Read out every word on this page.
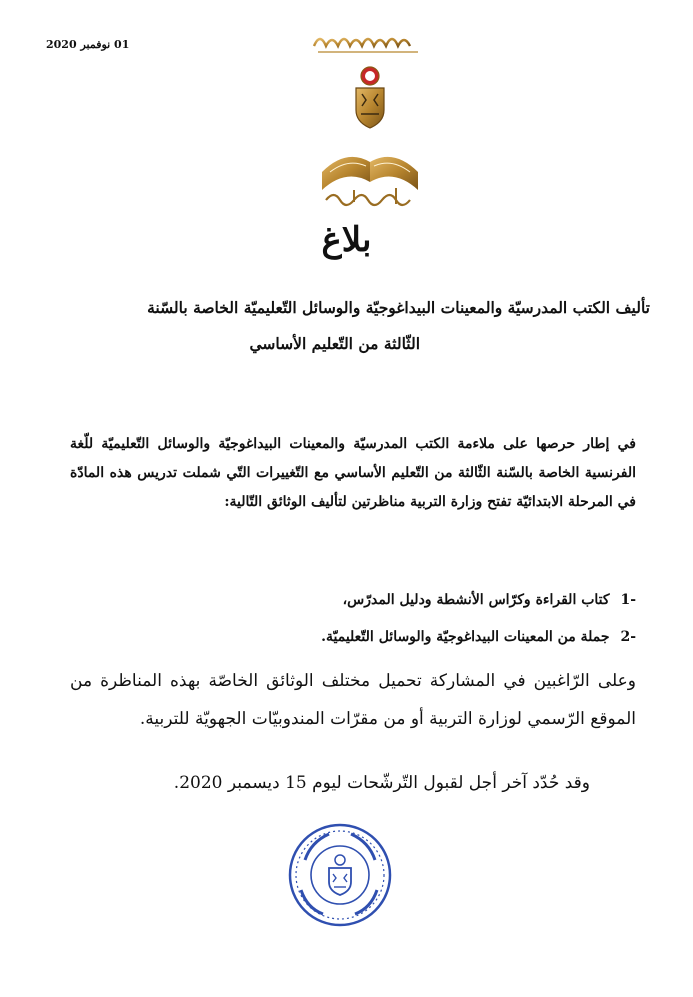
01 نوفمبر 2020
بلاغ
تأليف الكتب المدرسيّة والمعينات البيداغوجيّة والوسائل التّعليميّة الخاصة بالسّنة
الثّالثة من التّعليم الأساسي
في إطار حرصها على ملاءمة الكتب المدرسيّة والمعينات البيداغوجيّة والوسائل التّعليميّة للّغة الفرنسية الخاصة بالسّنة الثّالثة من التّعليم الأساسي مع التّغييرات التّي شملت تدريس هذه المادّة في المرحلة الابتدائيّة تفتح وزارة التربية مناظرتين لتأليف الوثائق التّالية:
-1 كتاب القراءة وكرّاس الأنشطة ودليل المدرّس،
-2 جملة من المعينات البيداغوجيّة والوسائل التّعليميّة.
وعلى الرّاغبين في المشاركة تحميل مختلف الوثائق الخاصّة بهذه المناظرة من الموقع الرّسمي لوزارة التربية أو من مقرّات المندوبيّات الجهويّة للتربية.
وقد حُدّد آخر أجل لقبول التّرشّحات ليوم 15 ديسمبر 2020.
